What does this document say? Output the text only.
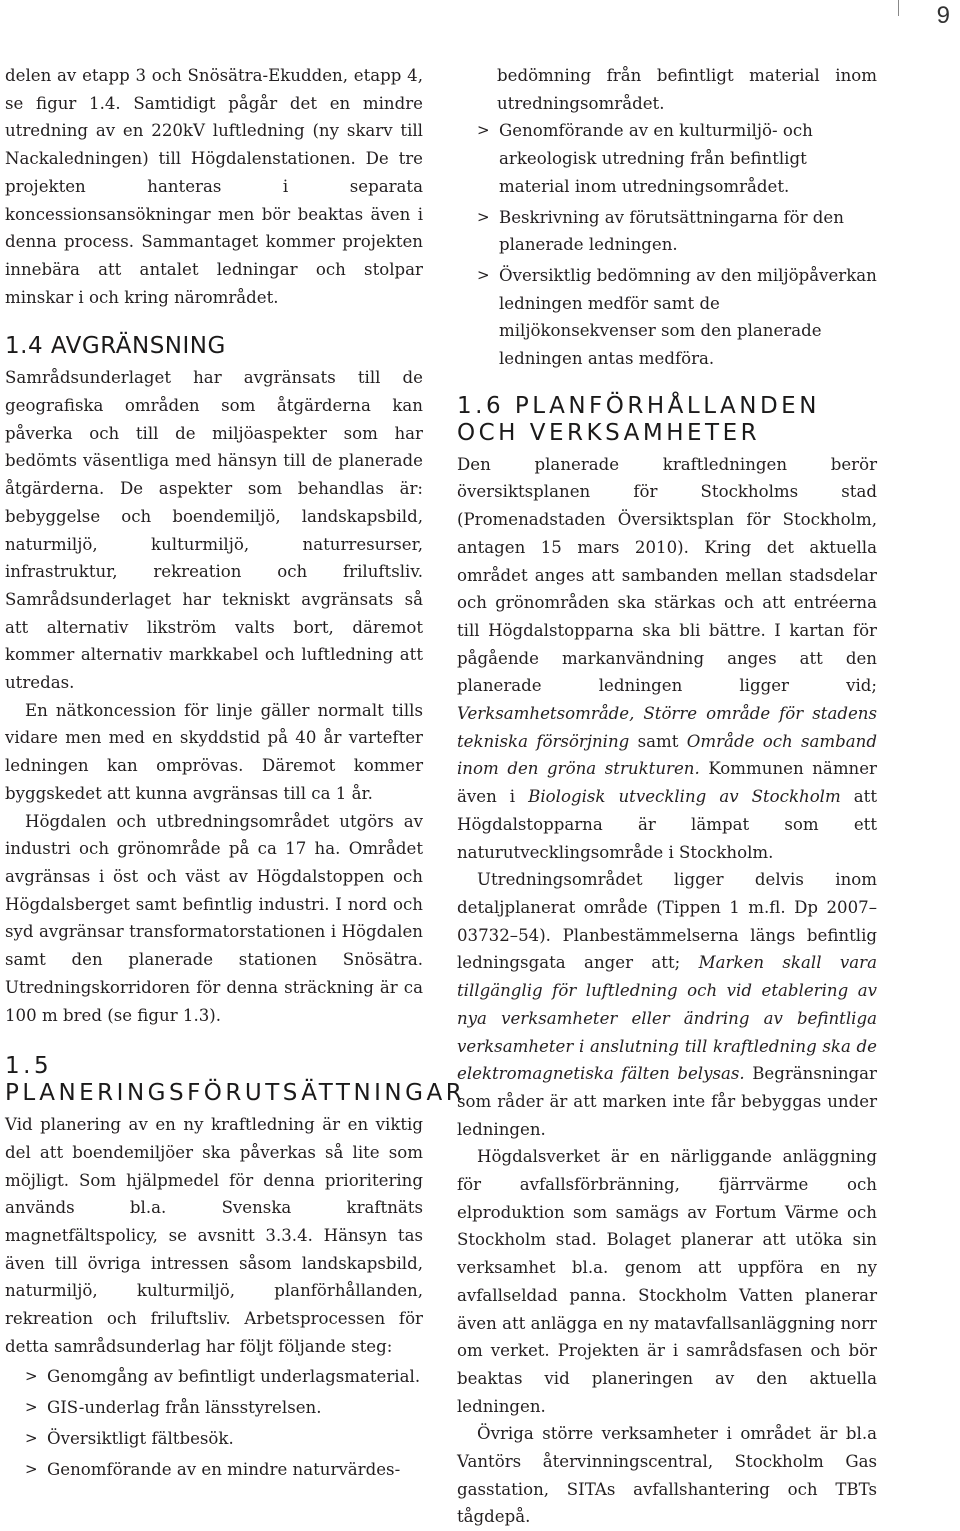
9

delen av etapp 3 och Snösätra-Ekudden, etapp 4, se figur 1.4. Samtidigt pågår det en mindre utredning av en 220kV luftledning (ny skarv till Nackaledningen) till Högdalenstationen. De tre projekten hanteras i separata koncessionsansökningar men bör beaktas även i denna process. Sammantaget kommer projekten innebära att antalet ledningar och stolpar minskar i och kring närområdet.

1.4 AVGRÄNSNING

Samrådsunderlaget har avgränsats till de geografiska områden som åtgärderna kan påverka och till de miljöaspekter som har bedömts väsentliga med hänsyn till de planerade åtgärderna. De aspekter som behandlas är: bebyggelse och boendemiljö, landskapsbild, naturmiljö, kulturmiljö, naturresurser, infrastruktur, rekreation och friluftsliv. Samrådsunderlaget har tekniskt avgränsats så att alternativ likström valts bort, däremot kommer alternativ markkabel och luftledning att utredas.

En nätkoncession för linje gäller normalt tills vidare men med en skyddstid på 40 år vartefter ledningen kan omprövas. Däremot kommer byggskedet att kunna avgränsas till ca 1 år.

Högdalen och utbredningsområdet utgörs av industri och grönområde på ca 17 ha. Området avgränsas i öst och väst av Högdalstoppen och Högdalsberget samt befintlig industri. I nord och syd avgränsar transformatorstationen i Högdalen samt den planerade stationen Snösätra. Utredningskorridoren för denna sträckning är ca 100 m bred (se figur 1.3).

1.5 PLANERINGSFÖRUTSÄTTNINGAR

Vid planering av en ny kraftledning är en viktig del att boendemiljöer ska påverkas så lite som möjligt. Som hjälpmedel för denna prioritering används bl.a. Svenska kraftnäts magnetfältspolicy, se avsnitt 3.3.4. Hänsyn tas även till övriga intressen såsom landskapsbild, naturmiljö, kulturmiljö, planförhållanden, rekreation och friluftsliv. Arbetsprocessen för detta samrådsunderlag har följt följande steg:

> Genomgång av befintligt underlagsmaterial.
> GIS-underlag från länsstyrelsen.
> Översiktligt fältbesök.
> Genomförande av en mindre naturvärdes-

bedömning från befintligt material inom utredningsområdet.

> Genomförande av en kulturmiljö- och arkeologisk utredning från befintligt material inom utredningsområdet.
> Beskrivning av förutsättningarna för den planerade ledningen.
> Översiktlig bedömning av den miljöpåverkan ledningen medför samt de miljökonsekvenser som den planerade ledningen antas medföra.
1.6 PLANFÖRHÅLLANDEN OCH VERKSAMHETER

Den planerade kraftledningen berör översiktsplanen för Stockholms stad (Promenadstaden Översiktsplan för Stockholm, antagen 15 mars 2010). Kring det aktuella området anges att sambanden mellan stadsdelar och grönområden ska stärkas och att entréerna till Högdalstopparna ska bli bättre. I kartan för pågående markanvändning anges att den planerade ledningen ligger vid; Verksamhetsområde, Större område för stadens tekniska försörjning samt Område och samband inom den gröna strukturen. Kommunen nämner även i Biologisk utveckling av Stockholm att Högdalstopparna är lämpat som ett naturutvecklingsområde i Stockholm.

Utredningsområdet ligger delvis inom detaljplanerat område (Tippen 1 m.fl. Dp 2007–03732–54). Planbestämmelserna längs befintlig ledningsgata anger att; Marken skall vara tillgänglig för luftledning och vid etablering av nya verksamheter eller ändring av befintliga verksamheter i anslutning till kraftledning ska de elektromagnetiska fälten belysas. Begränsningar som råder är att marken inte får bebyggas under ledningen.

Högdalsverket är en närliggande anläggning för avfallsförbränning, fjärrvärme och elproduktion som samägs av Fortum Värme och Stockholm stad. Bolaget planerar att utöka sin verksamhet bl.a. genom att uppföra en ny avfallseldad panna. Stockholm Vatten planerar även att anlägga en ny matavfallsanläggning norr om verket. Projekten är i samrådsfasen och bör beaktas vid planeringen av den aktuella ledningen.

Övriga större verksamheter i området är bl.a Vantörs återvinningscentral, Stockholm Gas gasstation, SITAs avfallshantering och TBTs tågdepå.
